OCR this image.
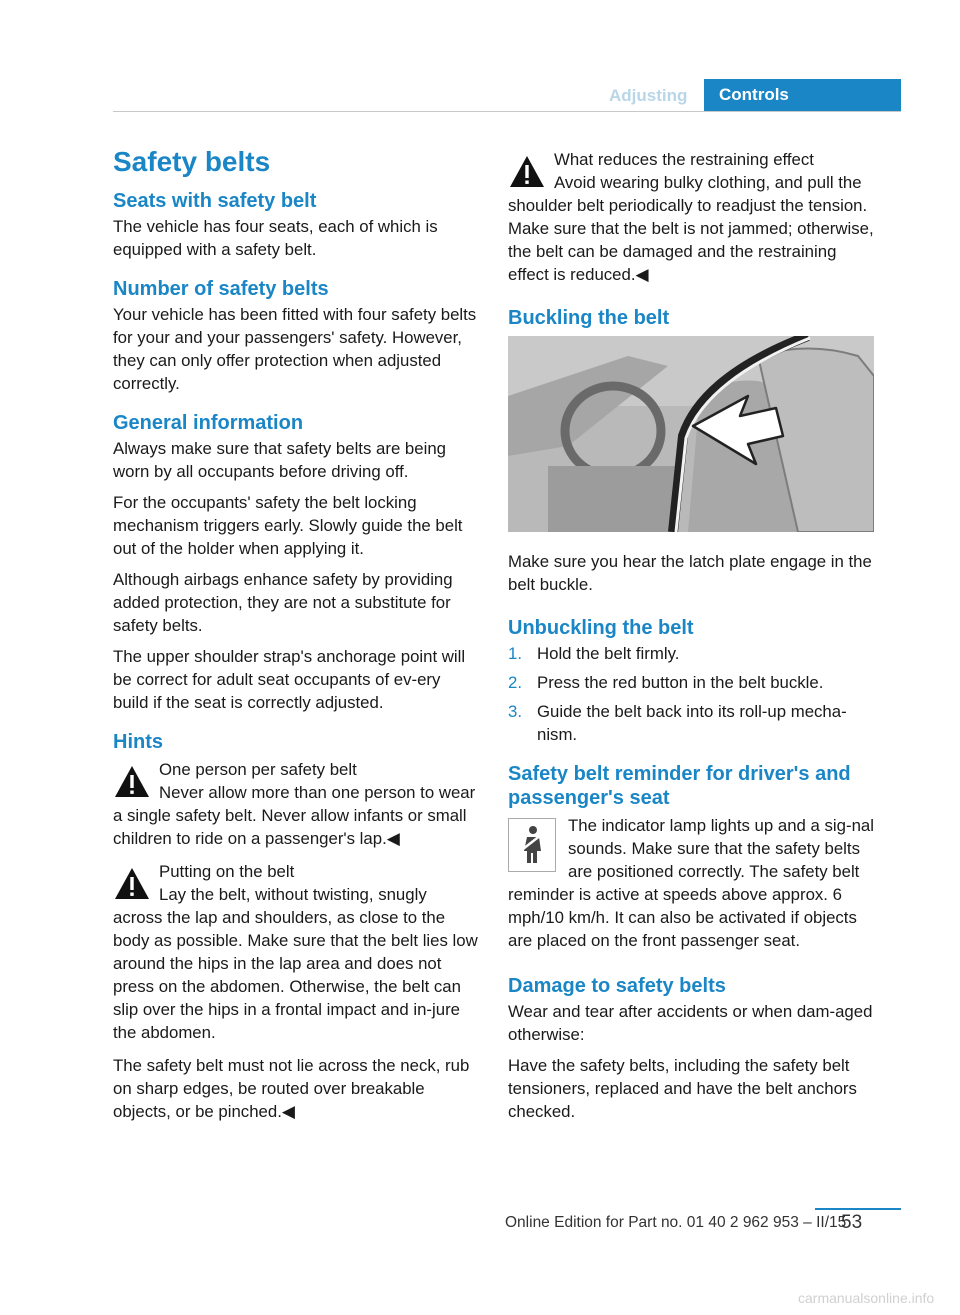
Adjusting	Controls
Safety belts
Seats with safety belt

The vehicle has four seats, each of which is equipped with a safety belt.

Number of safety belts

Your vehicle has been fitted with four safety belts for your and your passengers' safety. However, they can only offer protection when adjusted correctly.

General information

Always make sure that safety belts are being worn by all occupants before driving off.

For the occupants' safety the belt locking mechanism triggers early. Slowly guide the belt out of the holder when applying it.

Although airbags enhance safety by providing added protection, they are not a substitute for safety belts.

The upper shoulder strap's anchorage point will be correct for adult seat occupants of ev-ery build if the seat is correctly adjusted.

Hints
One person per safety belt
Never allow more than one person to wear a single safety belt. Never allow infants or small children to ride on a passenger's lap.◀
Putting on the belt
Lay the belt, without twisting, snugly across the lap and shoulders, as close to the body as possible. Make sure that the belt lies low around the hips in the lap area and does not press on the abdomen. Otherwise, the belt can slip over the hips in a frontal impact and in-jure the abdomen.

The safety belt must not lie across the neck, rub on sharp edges, be routed over breakable objects, or be pinched.◀

What reduces the restraining effect
Avoid wearing bulky clothing, and pull the shoulder belt periodically to readjust the tension. Make sure that the belt is not jammed; otherwise, the belt can be damaged and the restraining effect is reduced.◀
Buckling the belt

Make sure you hear the latch plate engage in the belt buckle.

Unbuckling the belt
1. Hold the belt firmly.
2. Press the red button in the belt buckle.
3. Guide the belt back into its roll-up mecha-nism.
Safety belt reminder for driver's and passenger's seat
The indicator lamp lights up and a sig-nal sounds. Make sure that the safety belts are positioned correctly. The safety belt reminder is active at speeds above approx. 6 mph/10 km/h. It can also be activated if objects are placed on the front passenger seat.
Damage to safety belts

Wear and tear after accidents or when dam-aged otherwise:

Have the safety belts, including the safety belt tensioners, replaced and have the belt anchors checked.

Online Edition for Part no. 01 40 2 962 953 – II/15
53
carmanualsonline.info
